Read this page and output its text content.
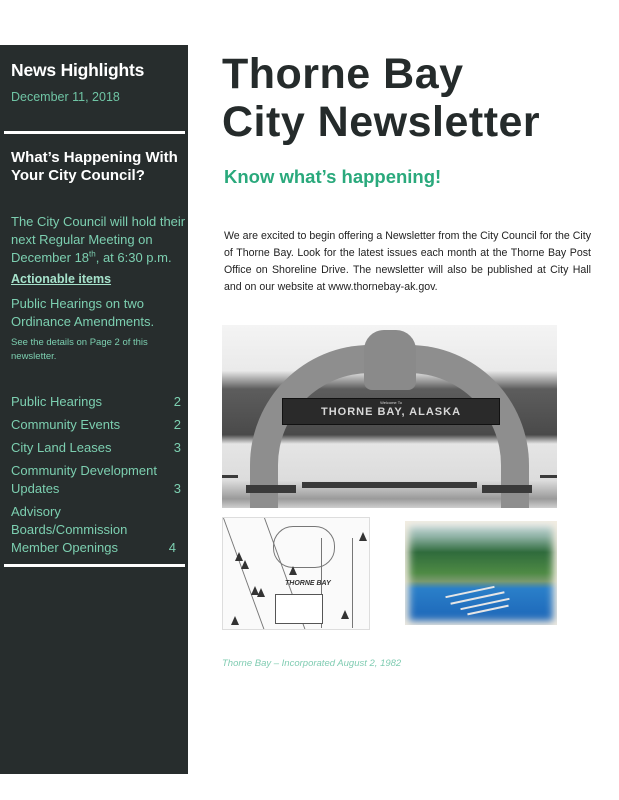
News Highlights
December 11, 2018
What’s Happening With Your City Council?
The City Council will hold their next Regular Meeting on December 18th, at 6:30 p.m.
Actionable items
Public Hearings on two Ordinance Amendments.
See the details on Page 2 of this newsletter.
Public Hearings	2
Community Events	2
City Land Leases	3
Community Development Updates	3
Advisory Boards/Commission Member Openings	4
Thorne Bay
City Newsletter
Know what’s happening!

We are excited to begin offering a Newsletter from the City Council for the City of Thorne Bay. Look for the latest issues each month at the Thorne Bay Post Office on Shoreline Drive. The newsletter will also be published at City Hall and on our website at www.thornebay-ak.gov.

Welcome To
THORNE BAY, ALASKA
THORNE BAY
Thorne Bay – Incorporated August 2, 1982
